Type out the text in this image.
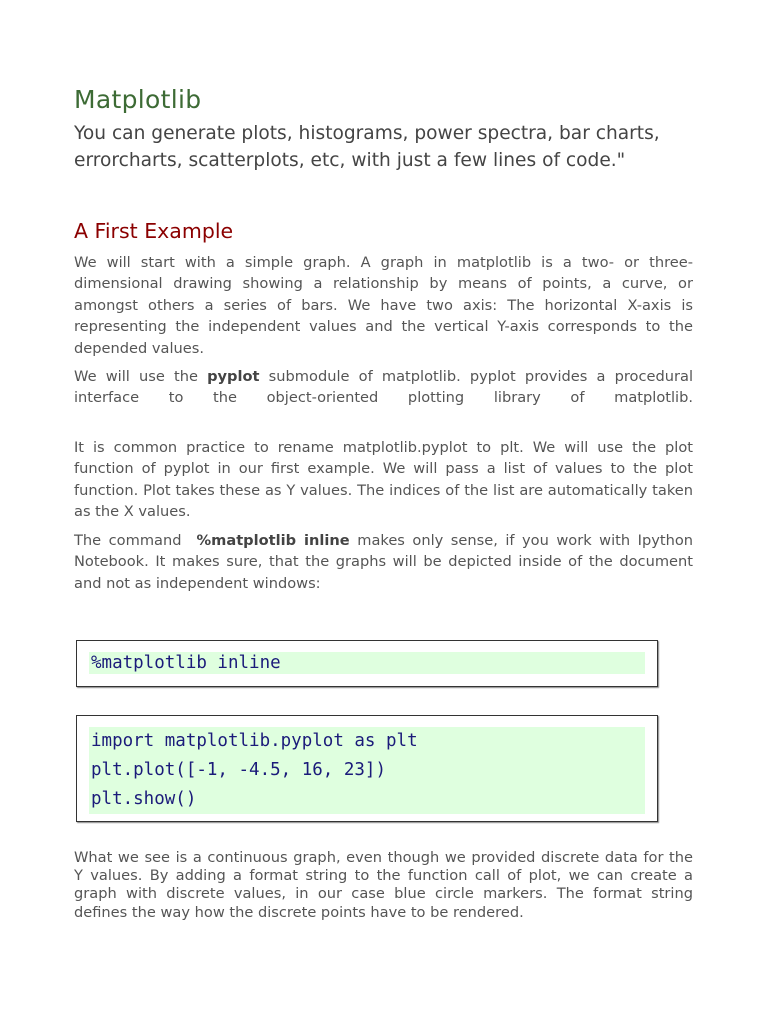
Matplotlib

You can generate plots, histograms, power spectra, bar charts, errorcharts, scatterplots, etc, with just a few lines of code."

A First Example

We will start with a simple graph. A graph in matplotlib is a two- or three-dimensional drawing showing a relationship by means of points, a curve, or amongst others a series of bars. We have two axis: The horizontal X-axis is representing the independent values and the vertical Y-axis corresponds to the depended values.

We will use the pyplot submodule of matplotlib. pyplot provides a procedural interface to the object-oriented plotting library of matplotlib.

It is common practice to rename matplotlib.pyplot to plt. We will use the plot function of pyplot in our first example. We will pass a list of values to the plot function. Plot takes these as Y values. The indices of the list are automatically taken as the X values.

The command  %matplotlib inline makes only sense, if you work with Ipython Notebook. It makes sure, that the graphs will be depicted inside of the document and not as independent windows:

%matplotlib inline
import matplotlib.pyplot as plt
plt.plot([-1, -4.5, 16, 23])
plt.show()

What we see is a continuous graph, even though we provided discrete data for the Y values. By adding a format string to the function call of plot, we can create a graph with discrete values, in our case blue circle markers. The format string defines the way how the discrete points have to be rendered.
